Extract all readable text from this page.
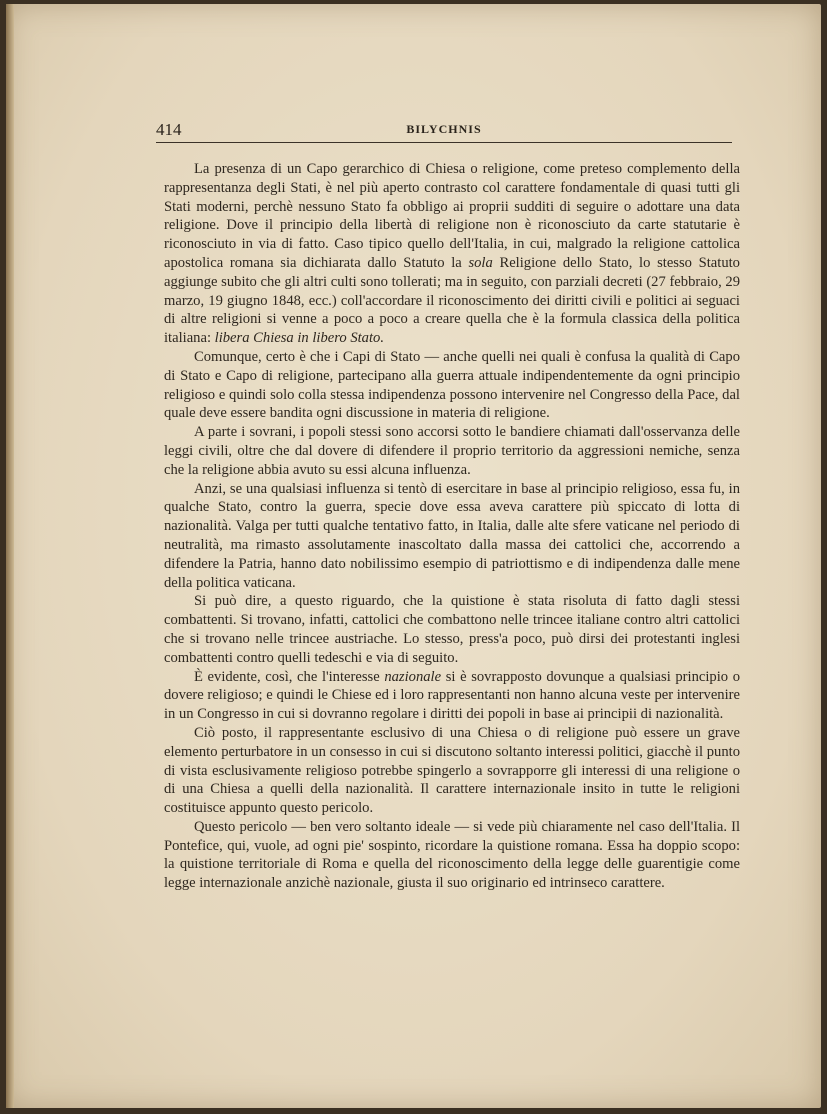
414	BILYCHNIS

La presenza di un Capo gerarchico di Chiesa o religione, come preteso complemento della rappresentanza degli Stati, è nel più aperto contrasto col carattere fondamentale di quasi tutti gli Stati moderni, perchè nessuno Stato fa obbligo ai proprii sudditi di seguire o adottare una data religione. Dove il principio della libertà di religione non è riconosciuto da carte statutarie è riconosciuto in via di fatto. Caso tipico quello dell'Italia, in cui, malgrado la religione cattolica apostolica romana sia dichiarata dallo Statuto la sola Religione dello Stato, lo stesso Statuto aggiunge subito che gli altri culti sono tollerati; ma in seguito, con parziali decreti (27 febbraio, 29 marzo, 19 giugno 1848, ecc.) coll'accordare il riconoscimento dei diritti civili e politici ai seguaci di altre religioni si venne a poco a poco a creare quella che è la formula classica della politica italiana: libera Chiesa in libero Stato.

Comunque, certo è che i Capi di Stato — anche quelli nei quali è confusa la qualità di Capo di Stato e Capo di religione, partecipano alla guerra attuale indipendentemente da ogni principio religioso e quindi solo colla stessa indipendenza possono intervenire nel Congresso della Pace, dal quale deve essere bandita ogni discussione in materia di religione.

A parte i sovrani, i popoli stessi sono accorsi sotto le bandiere chiamati dall'osservanza delle leggi civili, oltre che dal dovere di difendere il proprio territorio da aggressioni nemiche, senza che la religione abbia avuto su essi alcuna influenza.

Anzi, se una qualsiasi influenza si tentò di esercitare in base al principio religioso, essa fu, in qualche Stato, contro la guerra, specie dove essa aveva carattere più spiccato di lotta di nazionalità. Valga per tutti qualche tentativo fatto, in Italia, dalle alte sfere vaticane nel periodo di neutralità, ma rimasto assolutamente inascoltato dalla massa dei cattolici che, accorrendo a difendere la Patria, hanno dato nobilissimo esempio di patriottismo e di indipendenza dalle mene della politica vaticana.

Si può dire, a questo riguardo, che la quistione è stata risoluta di fatto dagli stessi combattenti. Si trovano, infatti, cattolici che combattono nelle trincee italiane contro altri cattolici che si trovano nelle trincee austriache. Lo stesso, press'a poco, può dirsi dei protestanti inglesi combattenti contro quelli tedeschi e via di seguito.

È evidente, così, che l'interesse nazionale si è sovrapposto dovunque a qualsiasi principio o dovere religioso; e quindi le Chiese ed i loro rappresentanti non hanno alcuna veste per intervenire in un Congresso in cui si dovranno regolare i diritti dei popoli in base ai principii di nazionalità.

Ciò posto, il rappresentante esclusivo di una Chiesa o di religione può essere un grave elemento perturbatore in un consesso in cui si discutono soltanto interessi politici, giacchè il punto di vista esclusivamente religioso potrebbe spingerlo a sovrapporre gli interessi di una religione o di una Chiesa a quelli della nazionalità. Il carattere internazionale insito in tutte le religioni costituisce appunto questo pericolo.

Questo pericolo — ben vero soltanto ideale — si vede più chiaramente nel caso dell'Italia. Il Pontefice, qui, vuole, ad ogni pie' sospinto, ricordare la quistione romana. Essa ha doppio scopo: la quistione territoriale di Roma e quella del riconoscimento della legge delle guarentigie come legge internazionale anzichè nazionale, giusta il suo originario ed intrinseco carattere.
